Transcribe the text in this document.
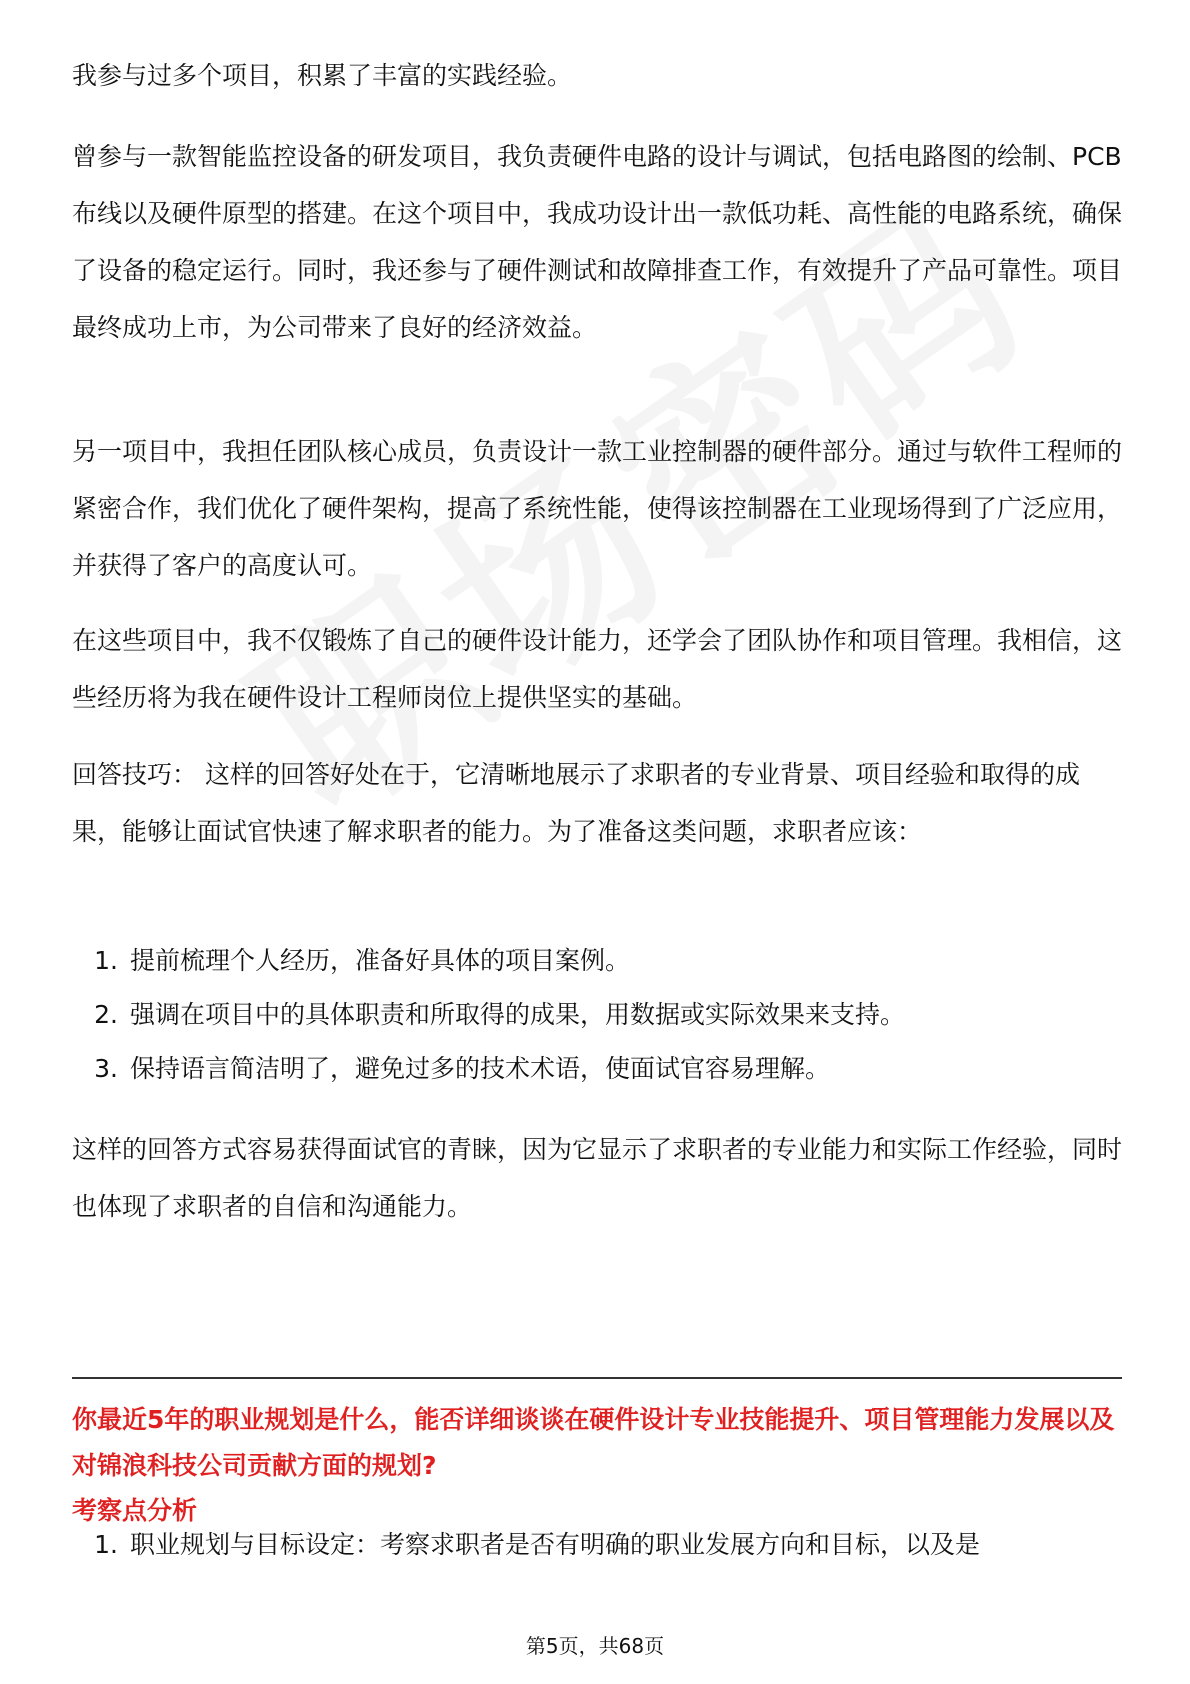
我参与过多个项目，积累了丰富的实践经验。

曾参与一款智能监控设备的研发项目，我负责硬件电路的设计与调试，包括电路图的绘制、PCB布线以及硬件原型的搭建。在这个项目中，我成功设计出一款低功耗、高性能的电路系统，确保了设备的稳定运行。同时，我还参与了硬件测试和故障排查工作，有效提升了产品可靠性。项目最终成功上市，为公司带来了良好的经济效益。

另一项目中，我担任团队核心成员，负责设计一款工业控制器的硬件部分。通过与软件工程师的紧密合作，我们优化了硬件架构，提高了系统性能，使得该控制器在工业现场得到了广泛应用，并获得了客户的高度认可。

在这些项目中，我不仅锻炼了自己的硬件设计能力，还学会了团队协作和项目管理。我相信，这些经历将为我在硬件设计工程师岗位上提供坚实的基础。

回答技巧： 这样的回答好处在于，它清晰地展示了求职者的专业背景、项目经验和取得的成果，能够让面试官快速了解求职者的能力。为了准备这类问题，求职者应该：

1. 提前梳理个人经历，准备好具体的项目案例。
2. 强调在项目中的具体职责和所取得的成果，用数据或实际效果来支持。
3. 保持语言简洁明了，避免过多的技术术语，使面试官容易理解。

这样的回答方式容易获得面试官的青睐，因为它显示了求职者的专业能力和实际工作经验，同时也体现了求职者的自信和沟通能力。

1. 职业规划与目标设定：考察求职者是否有明确的职业发展方向和目标，以及是
你最近5年的职业规划是什么，能否详细谈谈在硬件设计专业技能提升、项目管理能力发展以及对锦浪科技公司贡献方面的规划?
考察点分析
第5页，共68页
